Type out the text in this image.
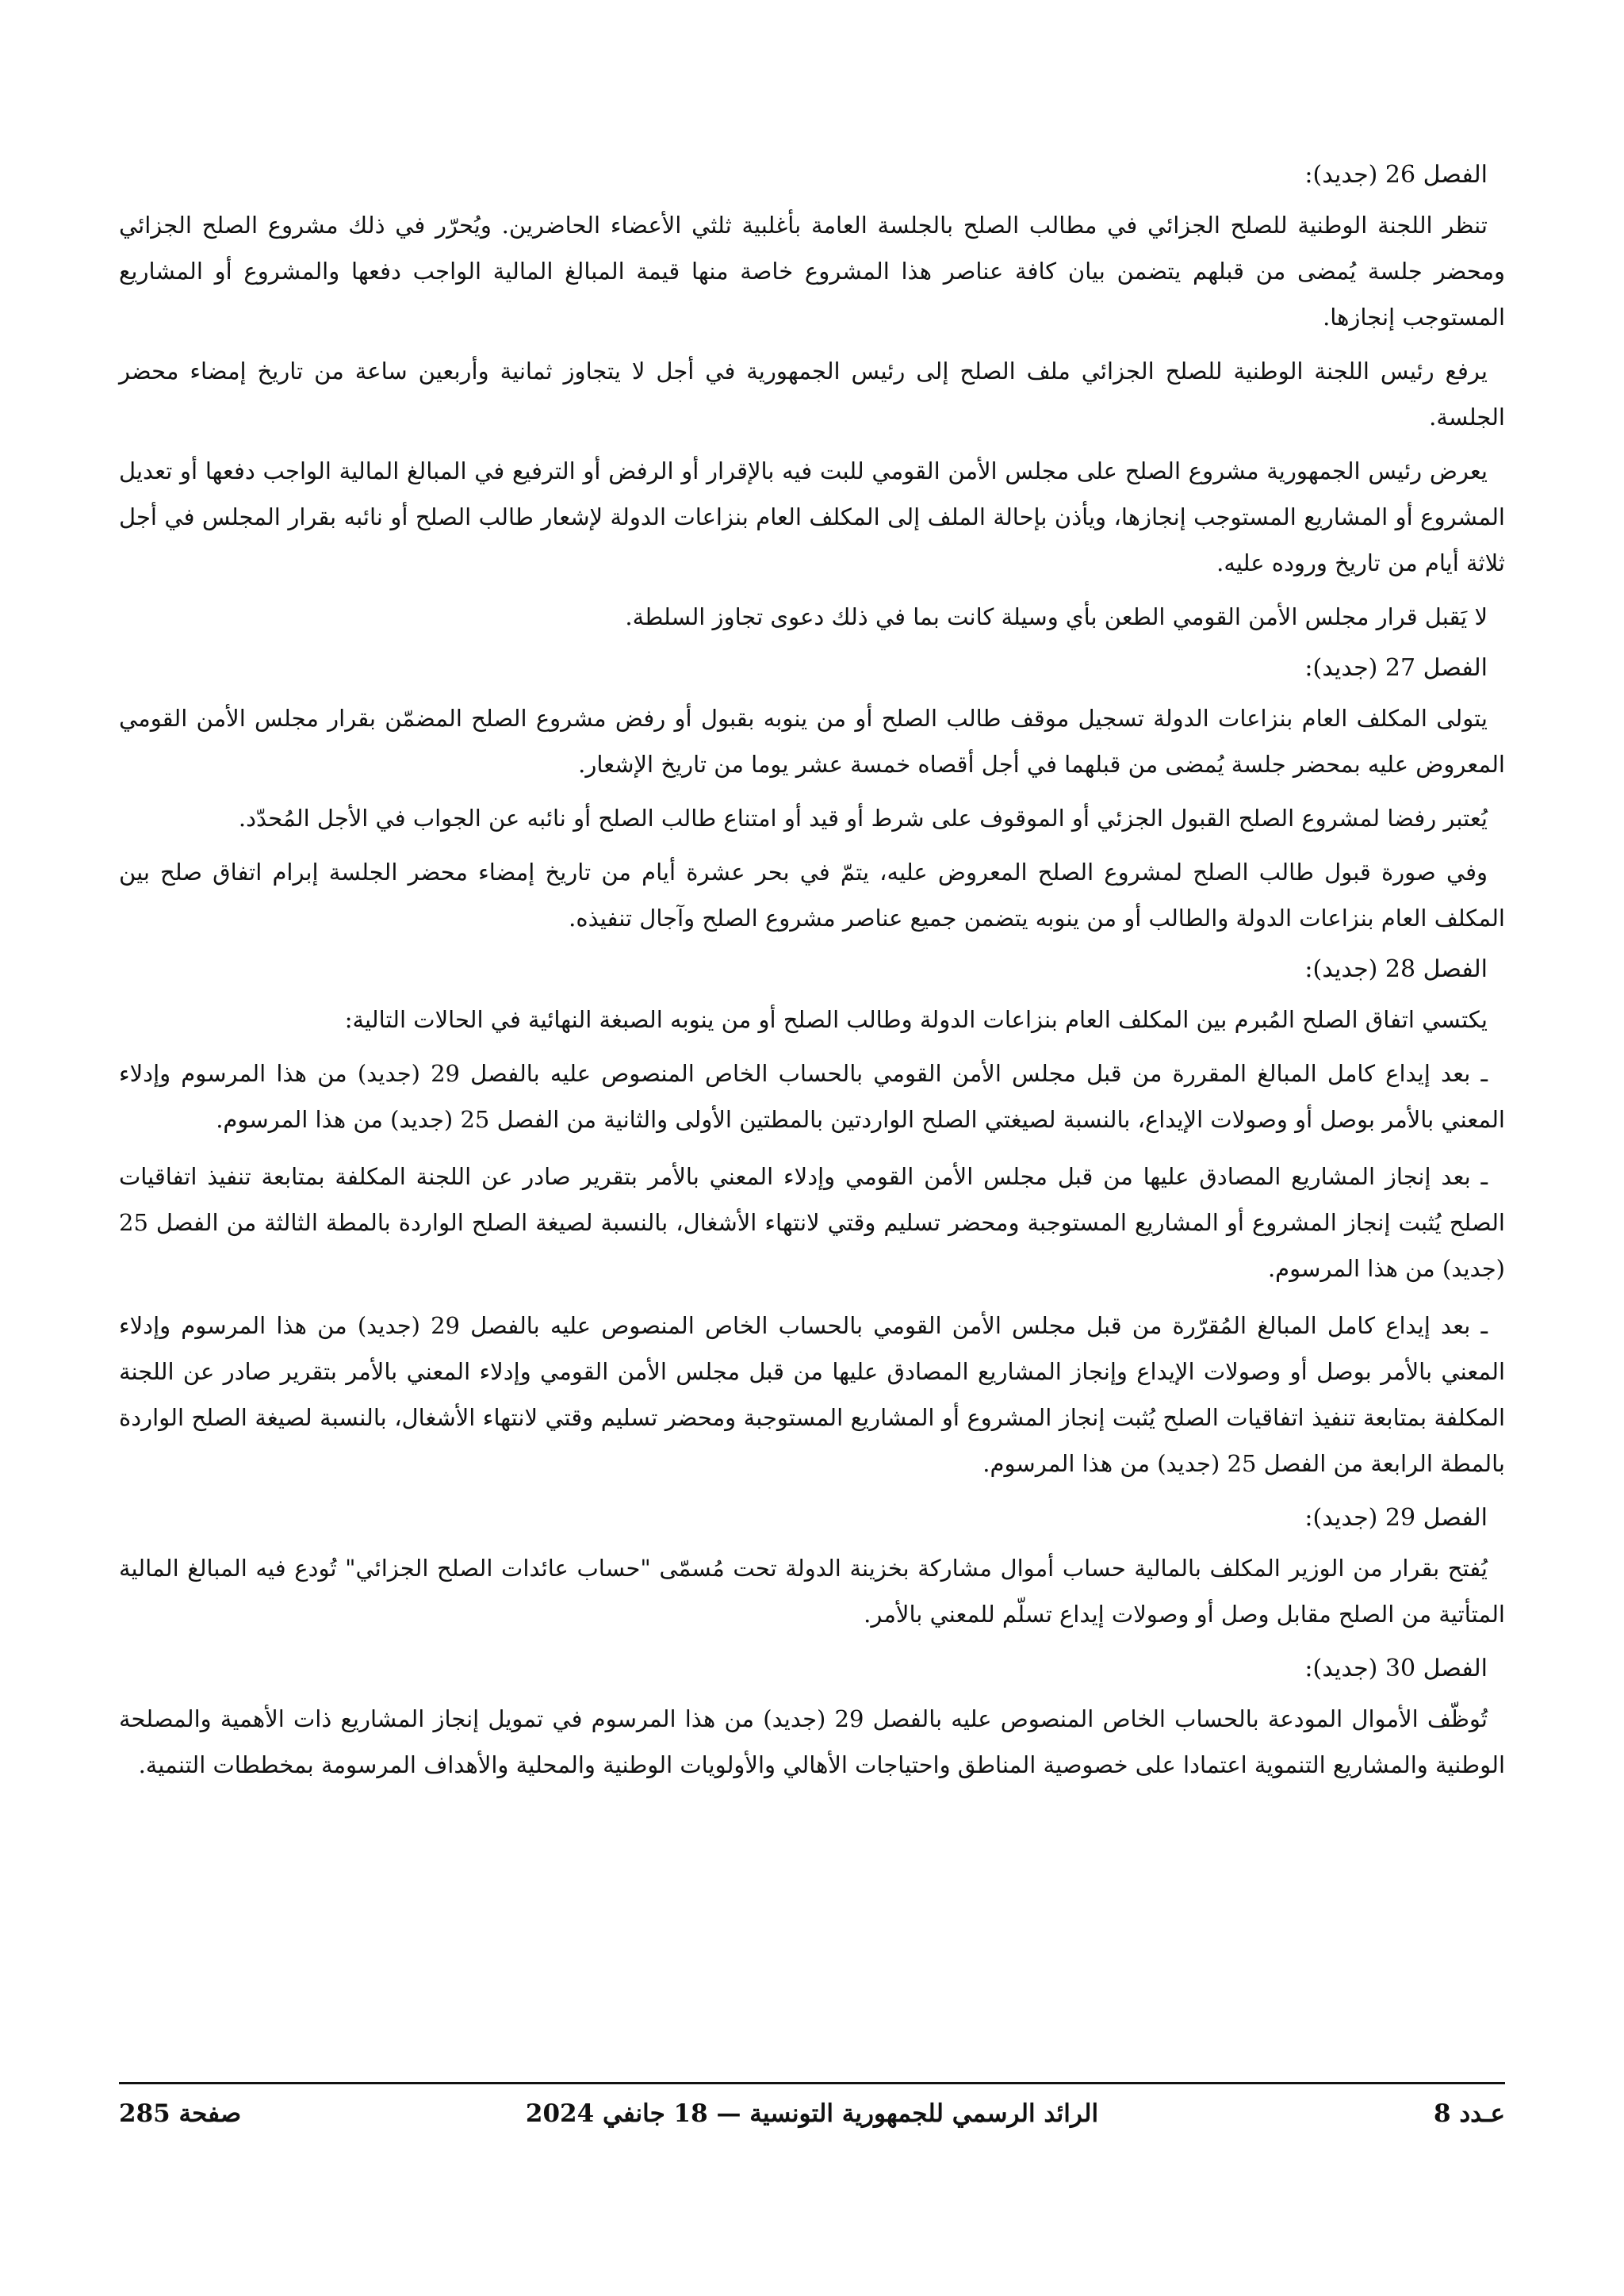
الفصل 26 (جديد):

تنظر اللجنة الوطنية للصلح الجزائي في مطالب الصلح بالجلسة العامة بأغلبية ثلثي الأعضاء الحاضرين. ويُحرّر في ذلك مشروع الصلح الجزائي ومحضر جلسة يُمضى من قبلهم يتضمن بيان كافة عناصر هذا المشروع خاصة منها قيمة المبالغ المالية الواجب دفعها والمشروع أو المشاريع المستوجب إنجازها.

يرفع رئيس اللجنة الوطنية للصلح الجزائي ملف الصلح إلى رئيس الجمهورية في أجل لا يتجاوز ثمانية وأربعين ساعة من تاريخ إمضاء محضر الجلسة.

يعرض رئيس الجمهورية مشروع الصلح على مجلس الأمن القومي للبت فيه بالإقرار أو الرفض أو الترفيع في المبالغ المالية الواجب دفعها أو تعديل المشروع أو المشاريع المستوجب إنجازها، ويأذن بإحالة الملف إلى المكلف العام بنزاعات الدولة لإشعار طالب الصلح أو نائبه بقرار المجلس في أجل ثلاثة أيام من تاريخ وروده عليه.

لا يَقبل قرار مجلس الأمن القومي الطعن بأي وسيلة كانت بما في ذلك دعوى تجاوز السلطة.

الفصل 27 (جديد):

يتولى المكلف العام بنزاعات الدولة تسجيل موقف طالب الصلح أو من ينوبه بقبول أو رفض مشروع الصلح المضمّن بقرار مجلس الأمن القومي المعروض عليه بمحضر جلسة يُمضى من قبلهما في أجل أقصاه خمسة عشر يوما من تاريخ الإشعار.

يُعتبر رفضا لمشروع الصلح القبول الجزئي أو الموقوف على شرط أو قيد أو امتناع طالب الصلح أو نائبه عن الجواب في الأجل المُحدّد.

وفي صورة قبول طالب الصلح لمشروع الصلح المعروض عليه، يتمّ في بحر عشرة أيام من تاريخ إمضاء محضر الجلسة إبرام اتفاق صلح بين المكلف العام بنزاعات الدولة والطالب أو من ينوبه يتضمن جميع عناصر مشروع الصلح وآجال تنفيذه.

الفصل 28 (جديد):

يكتسي اتفاق الصلح المُبرم بين المكلف العام بنزاعات الدولة وطالب الصلح أو من ينوبه الصبغة النهائية في الحالات التالية:

ـ بعد إيداع كامل المبالغ المقررة من قبل مجلس الأمن القومي بالحساب الخاص المنصوص عليه بالفصل 29 (جديد) من هذا المرسوم وإدلاء المعني بالأمر بوصل أو وصولات الإيداع، بالنسبة لصيغتي الصلح الواردتين بالمطتين الأولى والثانية من الفصل 25 (جديد) من هذا المرسوم.

ـ بعد إنجاز المشاريع المصادق عليها من قبل مجلس الأمن القومي وإدلاء المعني بالأمر بتقرير صادر عن اللجنة المكلفة بمتابعة تنفيذ اتفاقيات الصلح يُثبت إنجاز المشروع أو المشاريع المستوجبة ومحضر تسليم وقتي لانتهاء الأشغال، بالنسبة لصيغة الصلح الواردة بالمطة الثالثة من الفصل 25 (جديد) من هذا المرسوم.

ـ بعد إيداع كامل المبالغ المُقرّرة من قبل مجلس الأمن القومي بالحساب الخاص المنصوص عليه بالفصل 29 (جديد) من هذا المرسوم وإدلاء المعني بالأمر بوصل أو وصولات الإيداع وإنجاز المشاريع المصادق عليها من قبل مجلس الأمن القومي وإدلاء المعني بالأمر بتقرير صادر عن اللجنة المكلفة بمتابعة تنفيذ اتفاقيات الصلح يُثبت إنجاز المشروع أو المشاريع المستوجبة ومحضر تسليم وقتي لانتهاء الأشغال، بالنسبة لصيغة الصلح الواردة بالمطة الرابعة من الفصل 25 (جديد) من هذا المرسوم.

الفصل 29 (جديد):

يُفتح بقرار من الوزير المكلف بالمالية حساب أموال مشاركة بخزينة الدولة تحت مُسمّى "حساب عائدات الصلح الجزائي" تُودع فيه المبالغ المالية المتأتية من الصلح مقابل وصل أو وصولات إيداع تسلّم للمعني بالأمر.

الفصل 30 (جديد):

تُوظّف الأموال المودعة بالحساب الخاص المنصوص عليه بالفصل 29 (جديد) من هذا المرسوم في تمويل إنجاز المشاريع ذات الأهمية والمصلحة الوطنية والمشاريع التنموية اعتمادا على خصوصية المناطق واحتياجات الأهالي والأولويات الوطنية والمحلية والأهداف المرسومة بمخططات التنمية.

عـدد 8
الرائد الرسمي للجمهورية التونسية — 18 جانفي 2024
صفحة 285
